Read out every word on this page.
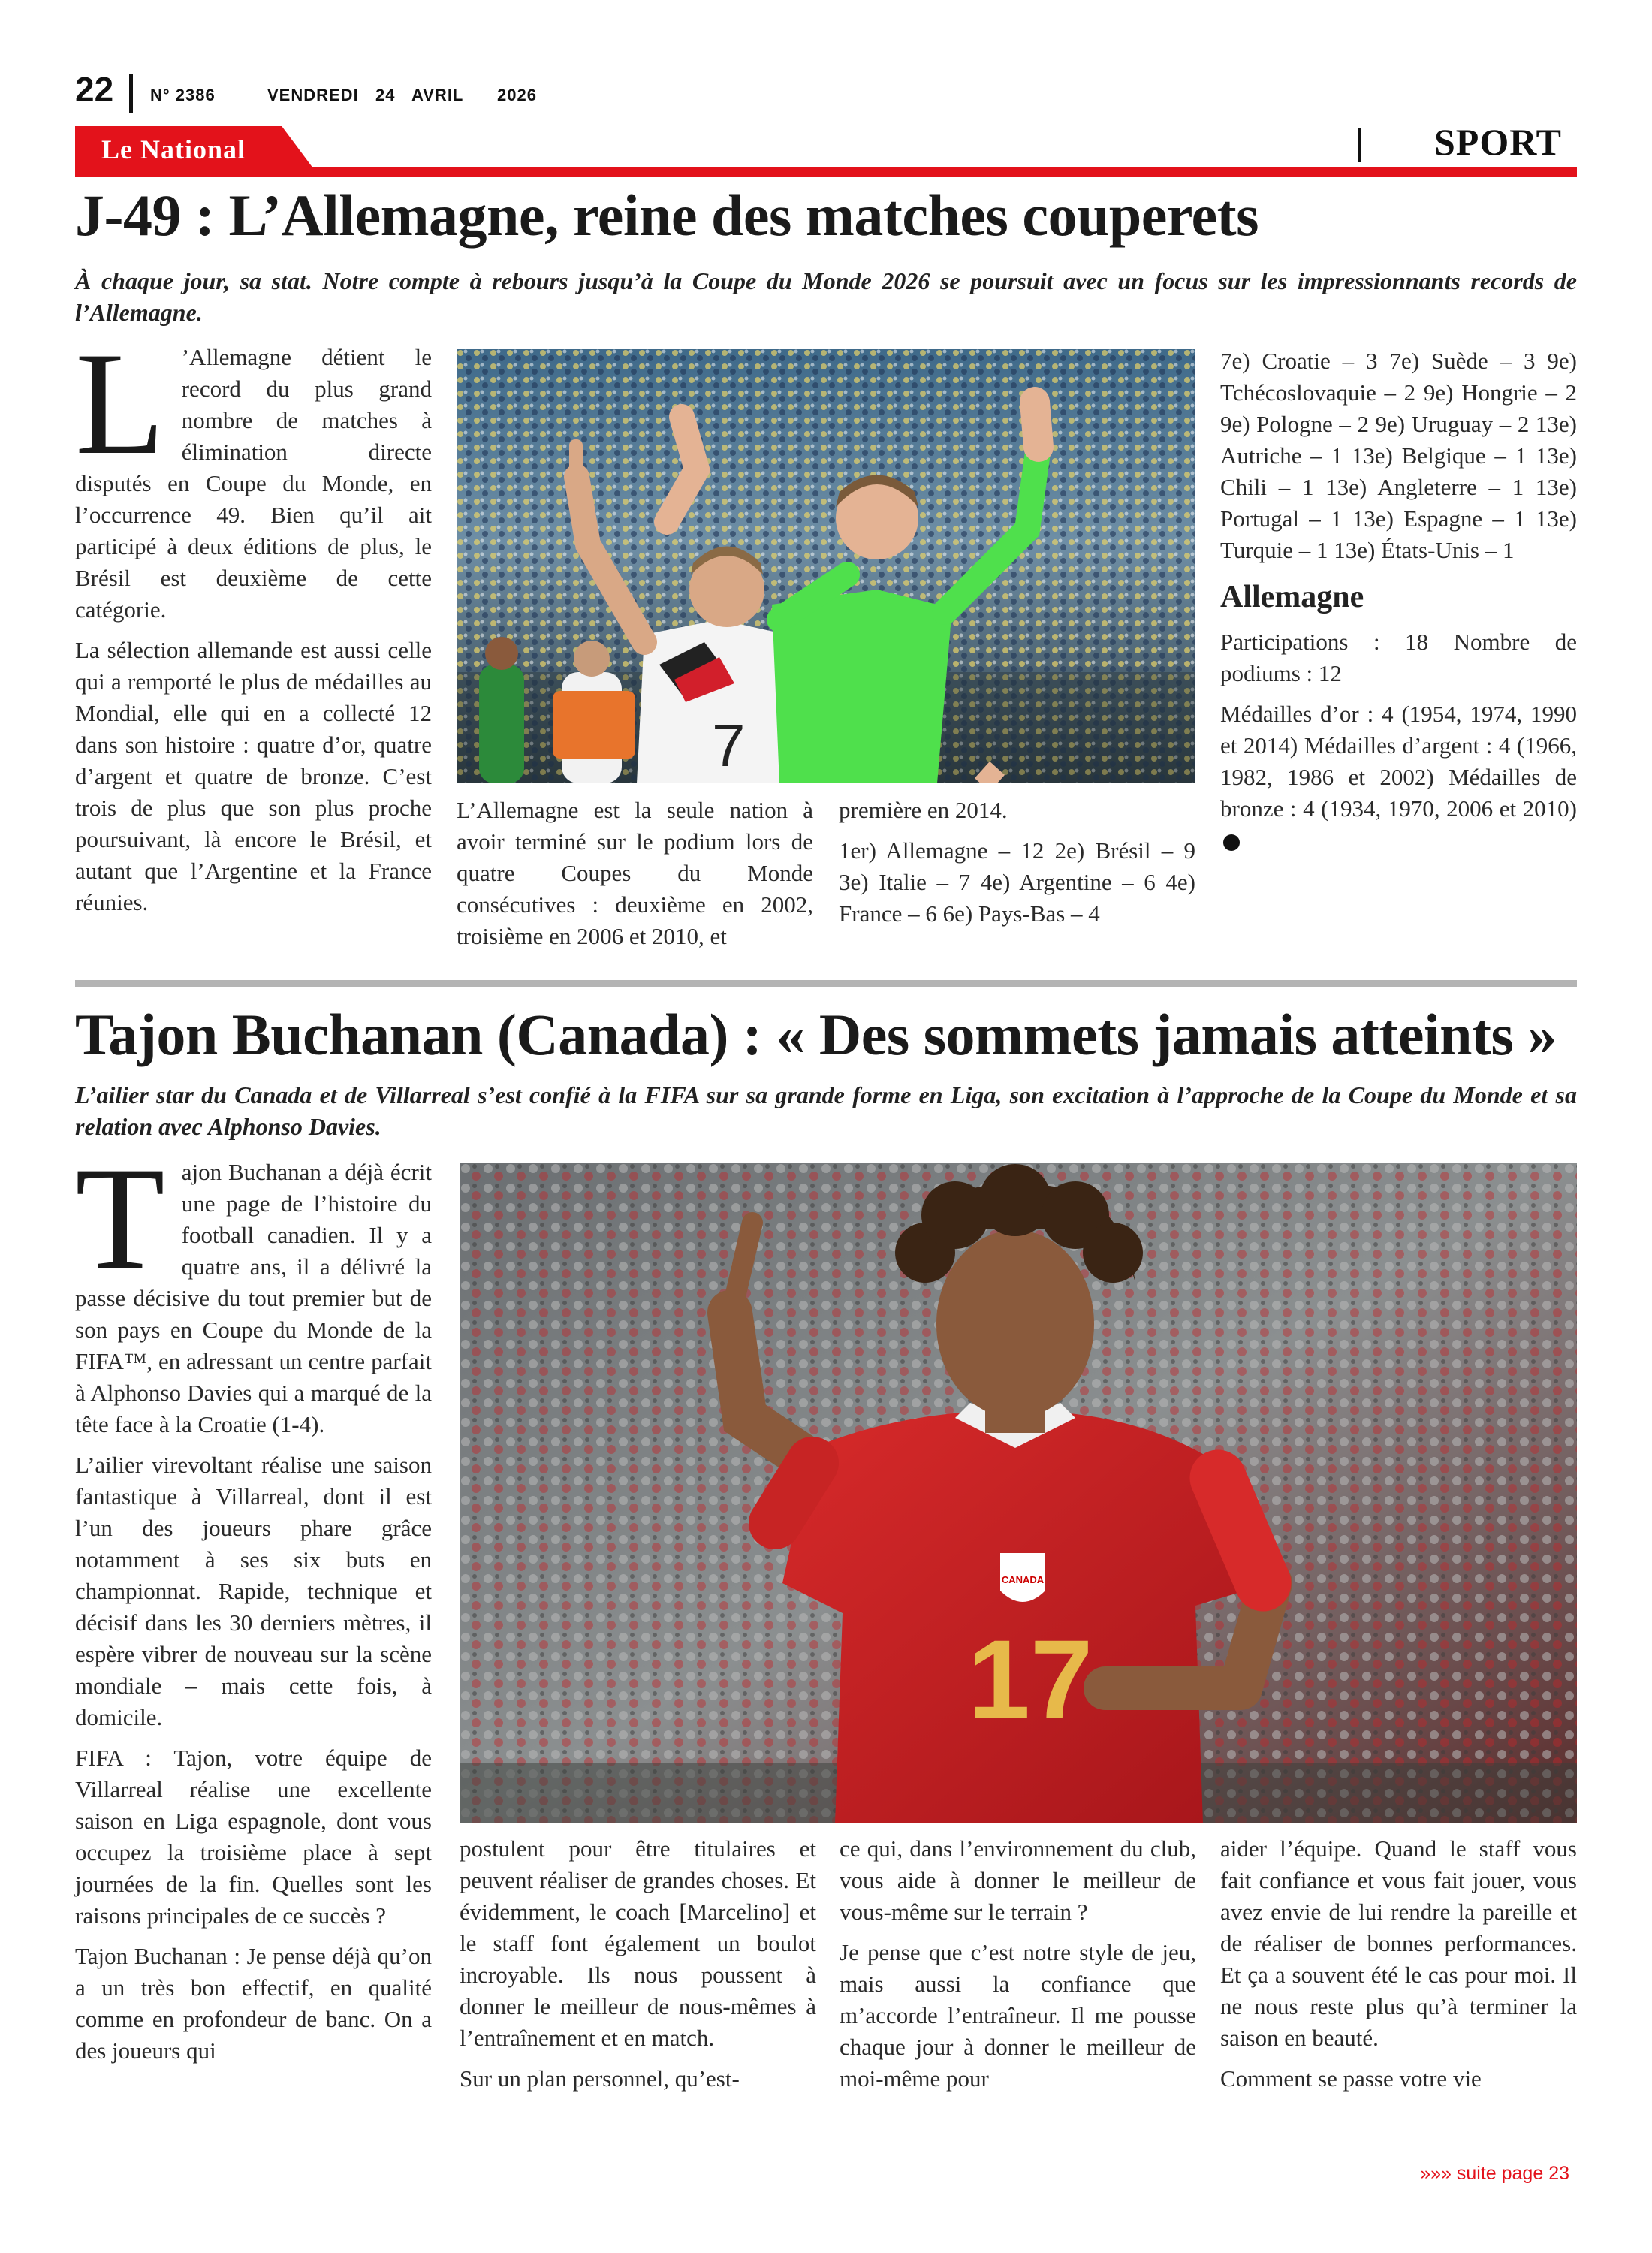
22 N° 2386	VENDREDI 24 AVRIL 2026
Le National	SPORT
J-49 : L’Allemagne, reine des matches couperets
À chaque jour, sa stat. Notre compte à rebours jusqu’à la Coupe du Monde 2026 se poursuit avec un focus sur les impressionnants records de l’Allemagne.
L ’Allemagne détient le record du plus grand nombre de matches à élimination directe disputés en Coupe du Monde, en l’occurrence 49. Bien qu’il ait participé à deux éditions de plus, le Brésil est deuxième de cette catégorie.

La sélection allemande est aussi celle qui a remporté le plus de médailles au Mondial, elle qui en a collecté 12 dans son histoire : quatre d’or, quatre d’argent et quatre de bronze. C’est trois de plus que son plus proche poursuivant, là encore le Brésil, et autant que l’Argentine et la France réunies.

7

L’Allemagne est la seule nation à avoir terminé sur le podium lors de quatre Coupes du Monde consécutives : deuxième en 2002, troisième en 2006 et 2010, et

première en 2014.

1er) Allemagne – 12 2e) Brésil – 9 3e) Italie – 7 4e) Argentine – 6 4e) France – 6 6e) Pays-Bas – 4

7e) Croatie – 3 7e) Suède – 3 9e) Tchécoslovaquie – 2 9e) Hongrie – 2 9e) Pologne – 2 9e) Uruguay – 2 13e) Autriche – 1 13e) Belgique – 1 13e) Chili – 1 13e) Angleterre – 1 13e) Portugal – 1 13e) Espagne – 1 13e) Turquie – 1 13e) États-Unis – 1

Allemagne

Participations : 18 Nombre de podiums : 12

Médailles d’or : 4 (1954, 1974, 1990 et 2014) Médailles d’argent : 4 (1966, 1982, 1986 et 2002) Médailles de bronze : 4 (1934, 1970, 2006 et 2010)

Tajon Buchanan (Canada) : « Des sommets jamais atteints »
L’ailier star du Canada et de Villarreal s’est confié à la FIFA sur sa grande forme en Liga, son excitation à l’approche de la Coupe du Monde et sa relation avec Alphonso Davies.
T ajon Buchanan a déjà écrit une page de l’histoire du football canadien. Il y a quatre ans, il a délivré la passe décisive du tout premier but de son pays en Coupe du Monde de la FIFA™, en adressant un centre parfait à Alphonso Davies qui a marqué de la tête face à la Croatie (1-4).

L’ailier virevoltant réalise une saison fantastique à Villarreal, dont il est l’un des joueurs phare grâce notamment à ses six buts en championnat. Rapide, technique et décisif dans les 30 derniers mètres, il espère vibrer de nouveau sur la scène mondiale – mais cette fois, à domicile.

FIFA : Tajon, votre équipe de Villarreal réalise une excellente saison en Liga espagnole, dont vous occupez la troisième place à sept journées de la fin. Quelles sont les raisons principales de ce succès ?

Tajon Buchanan : Je pense déjà qu’on a un très bon effectif, en qualité comme en profondeur de banc. On a des joueurs qui

CANADA
17

postulent pour être titulaires et peuvent réaliser de grandes choses. Et évidemment, le coach [Marcelino] et le staff font également un boulot incroyable. Ils nous poussent à donner le meilleur de nous-mêmes à l’entraînement et en match.

Sur un plan personnel, qu’est-

ce qui, dans l’environnement du club, vous aide à donner le meilleur de vous-même sur le terrain ?

Je pense que c’est notre style de jeu, mais aussi la confiance que m’accorde l’entraîneur. Il me pousse chaque jour à donner le meilleur de moi-même pour

aider l’équipe. Quand le staff vous fait confiance et vous fait jouer, vous avez envie de lui rendre la pareille et de réaliser de bonnes performances. Et ça a souvent été le cas pour moi. Il ne nous reste plus qu’à terminer la saison en beauté.

Comment se passe votre vie

»»» suite page 23
